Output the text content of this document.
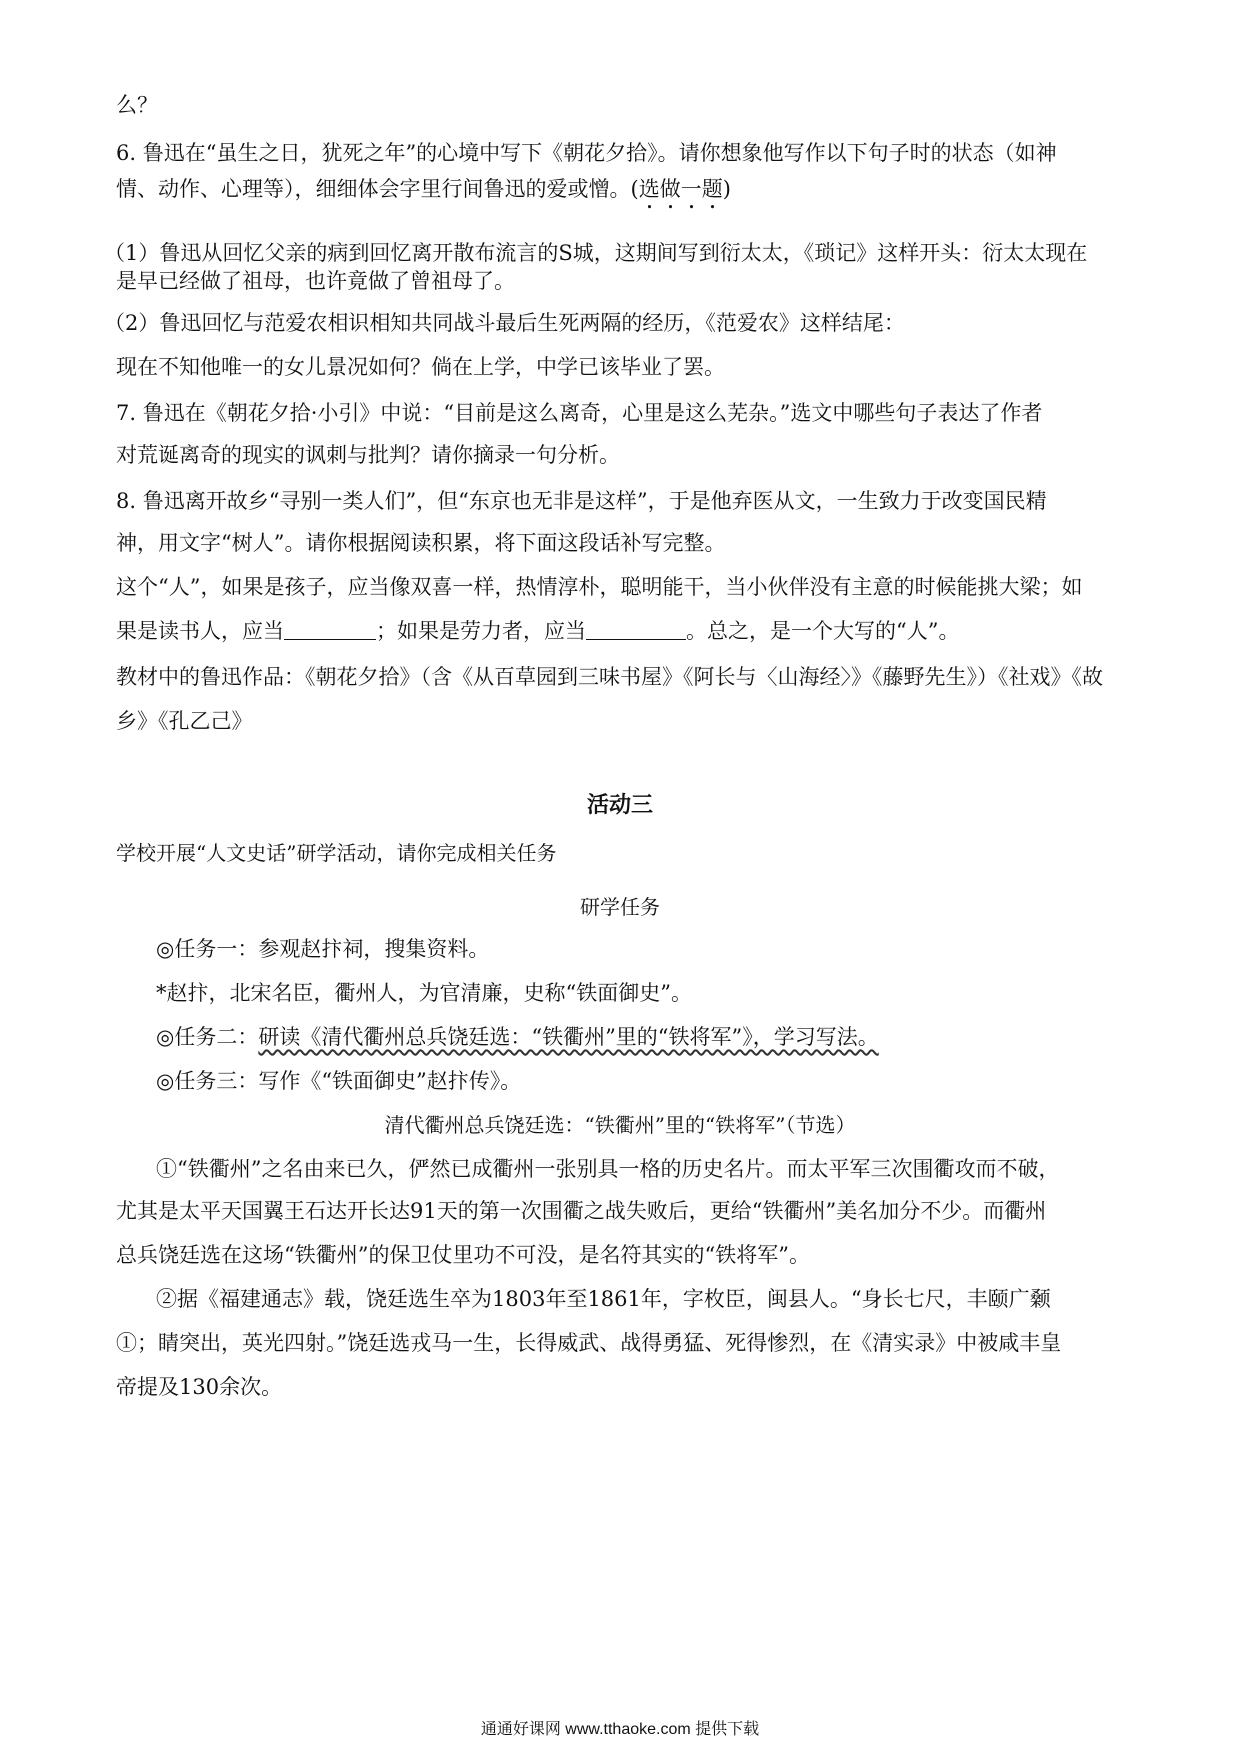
么？
6. 鲁迅在“虽生之日，犹死之年”的心境中写下《朝花夕拾》。请你想象他写作以下句子时的状态（如神
情、动作、心理等），细细体会字里行间鲁迅的爱或憎。(选做一题)
（1）鲁迅从回忆父亲的病到回忆离开散布流言的S城，这期间写到衍太太，《琐记》这样开头：衍太太现在
是早已经做了祖母，也许竟做了曾祖母了。
（2）鲁迅回忆与范爱农相识相知共同战斗最后生死两隔的经历，《范爱农》这样结尾：
现在不知他唯一的女儿景况如何？倘在上学，中学已该毕业了罢。
7. 鲁迅在《朝花夕拾·小引》中说：“目前是这么离奇，心里是这么芜杂。”选文中哪些句子表达了作者
对荒诞离奇的现实的讽刺与批判？请你摘录一句分析。
8. 鲁迅离开故乡“寻别一类人们”，但“东京也无非是这样”，于是他弃医从文，一生致力于改变国民精
神，用文字“树人”。请你根据阅读积累，将下面这段话补写完整。
这个“人”，如果是孩子，应当像双喜一样，热情淳朴，聪明能干，当小伙伴没有主意的时候能挑大梁；如
果是读书人，应当	；如果是劳力者，应当	。总之，是一个大写的“人”。
教材中的鲁迅作品：《朝花夕拾》（含《从百草园到三味书屋》《阿长与〈山海经〉》《藤野先生》）《社戏》《故
乡》《孔乙己》
活动三
学校开展“人文史话”研学活动，请你完成相关任务
研学任务
◎任务一：参观赵抃祠，搜集资料。
*赵抃，北宋名臣，衢州人，为官清廉，史称“铁面御史”。
◎任务二：研读《清代衢州总兵饶廷选：“铁衢州”里的“铁将军”》，学习写法。
◎任务三：写作《“铁面御史”赵抃传》。
清代衢州总兵饶廷选：“铁衢州”里的“铁将军”（节选）
①“铁衢州”之名由来已久，俨然已成衢州一张别具一格的历史名片。而太平军三次围衢攻而不破，
尤其是太平天国翼王石达开长达91天的第一次围衢之战失败后，更给“铁衢州”美名加分不少。而衢州
总兵饶廷选在这场“铁衢州”的保卫仗里功不可没，是名符其实的“铁将军”。
②据《福建通志》载，饶廷选生卒为1803年至1861年，字枚臣，闽县人。“身长七尺，丰颐广颡
①；睛突出，英光四射。”饶廷选戎马一生，长得威武、战得勇猛、死得惨烈，在《清实录》中被咸丰皇
帝提及130余次。
通通好课网 www.tthaoke.com 提供下载
